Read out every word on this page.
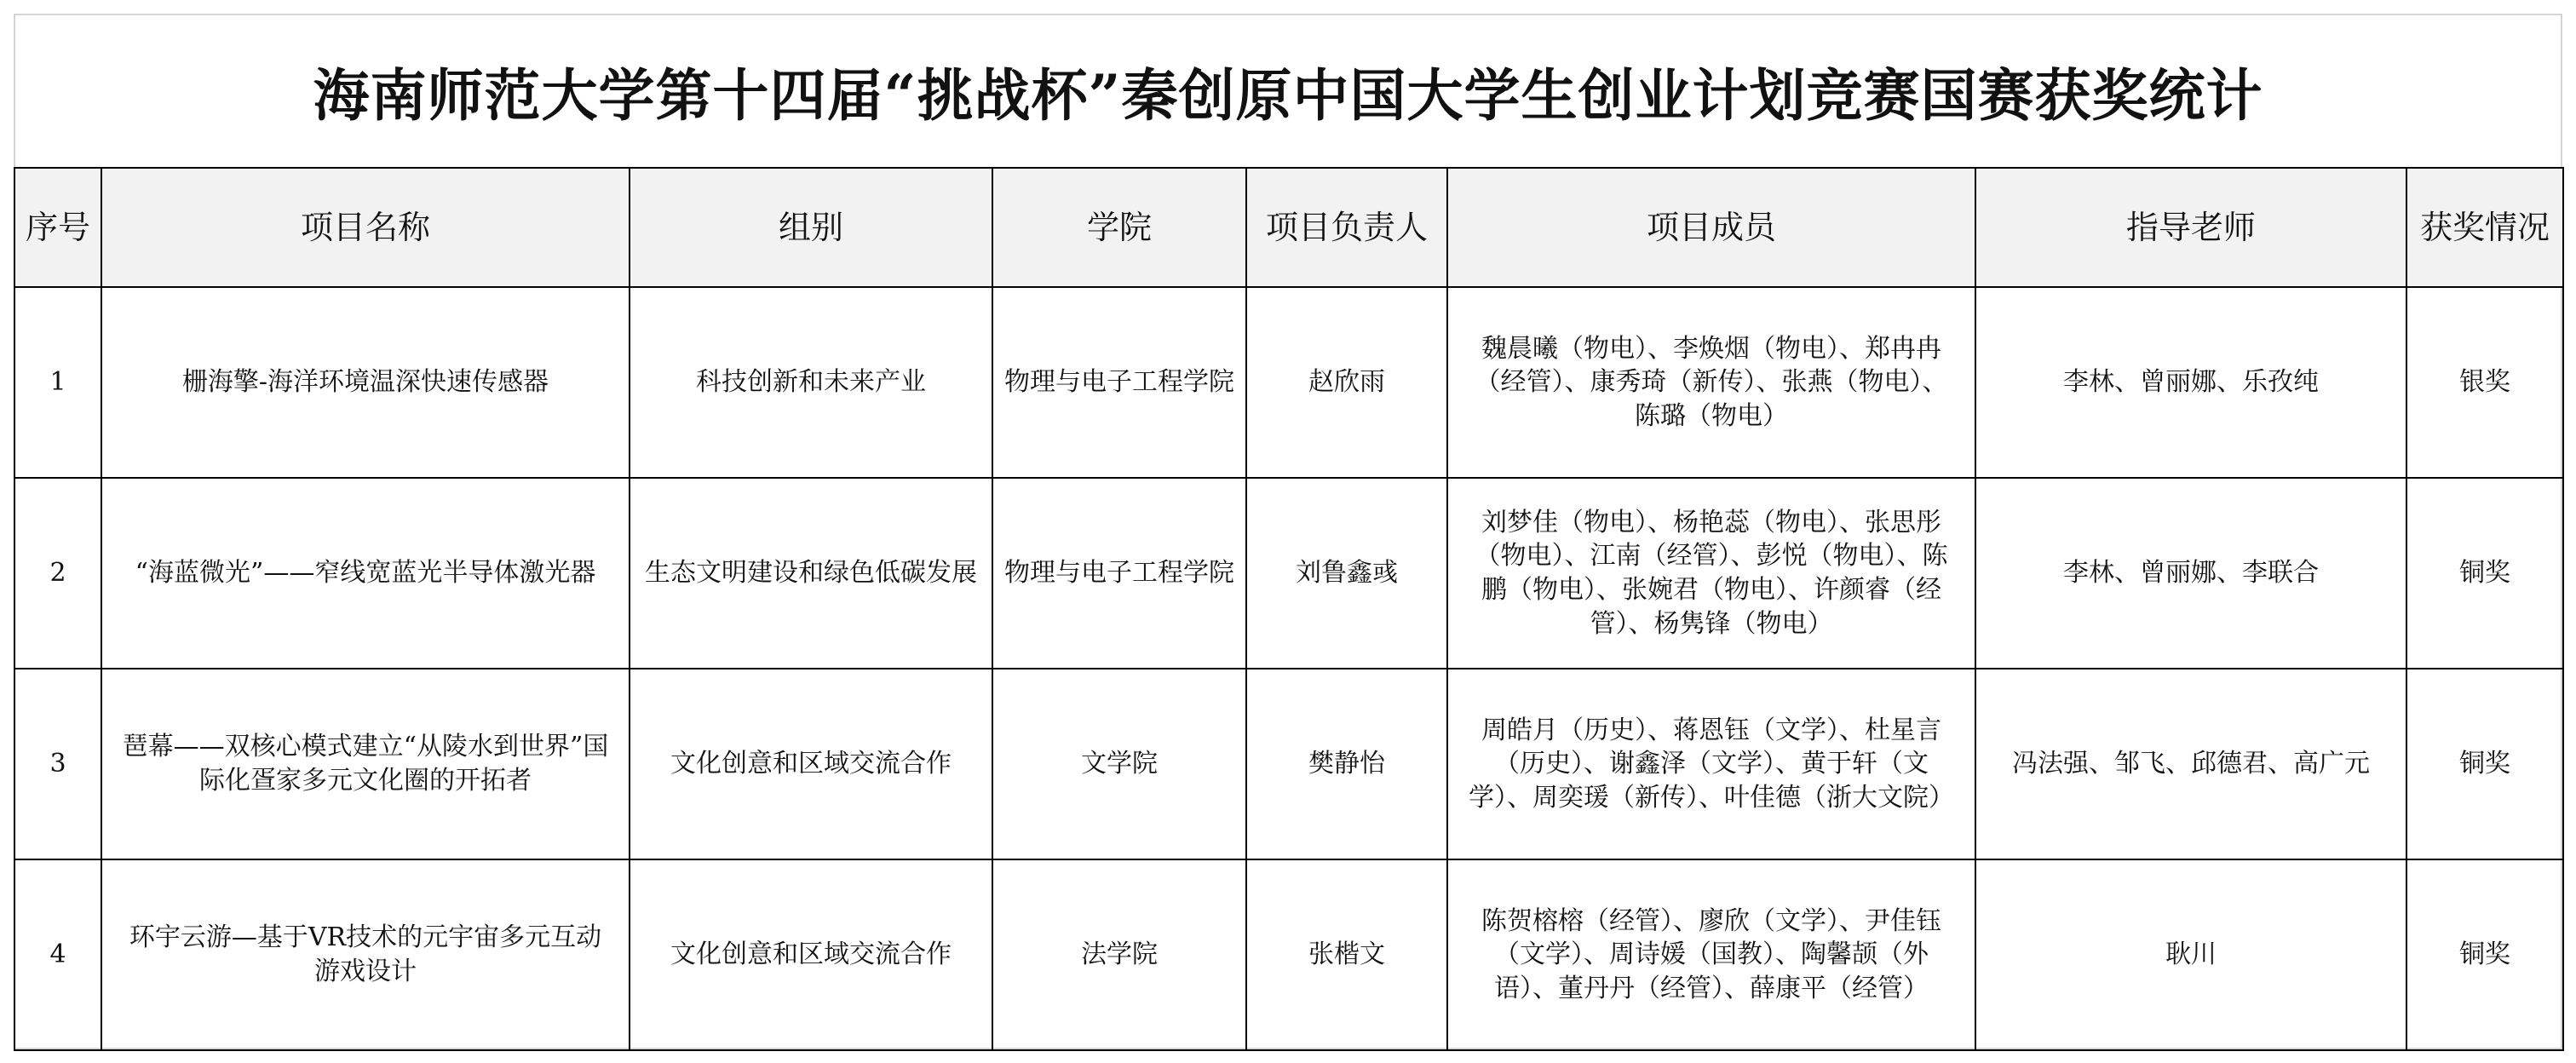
海南师范大学第十四届“挑战杯”秦创原中国大学生创业计划竞赛国赛获奖统计
序号	项目名称	组别	学院	项目负责人	项目成员	指导老师	获奖情况
1	栅海擎-海洋环境温深快速传感器	科技创新和未来产业	物理与电子工程学院	赵欣雨	魏晨曦（物电）、李焕烟（物电）、郑冉冉（经管）、康秀琦（新传）、张燕（物电）、陈璐（物电）	李林、曾丽娜、乐孜纯	银奖
2	“海蓝微光”——窄线宽蓝光半导体激光器	生态文明建设和绿色低碳发展	物理与电子工程学院	刘鲁鑫彧	刘梦佳（物电）、杨艳蕊（物电）、张思彤（物电）、江南（经管）、彭悦（物电）、陈鹏（物电）、张婉君（物电）、许颜睿（经管）、杨隽锋（物电）	李林、曾丽娜、李联合	铜奖
3	琶幕——双核心模式建立“从陵水到世界”国际化疍家多元文化圈的开拓者	文化创意和区域交流合作	文学院	樊静怡	周皓月（历史）、蒋恩钰（文学）、杜星言（历史）、谢鑫泽（文学）、黄于轩（文学）、周奕瑗（新传）、叶佳德（浙大文院）	冯法强、邹飞、邱德君、高广元	铜奖
4	环宇云游—基于VR技术的元宇宙多元互动游戏设计	文化创意和区域交流合作	法学院	张楷文	陈贺榕榕（经管）、廖欣（文学）、尹佳钰（文学）、周诗媛（国教）、陶馨颉（外语）、董丹丹（经管）、薛康平（经管）	耿川	铜奖
